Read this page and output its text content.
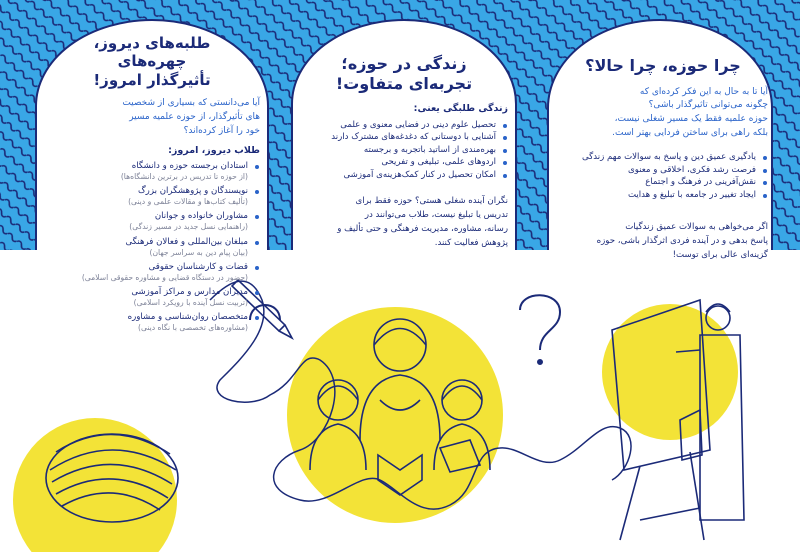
چرا حوزه، چرا حالا؟
آیا تا به حال به این فکر کرده‌ای که
چگونه می‌توانی تاثیرگذار باشی؟
حوزه علمیه فقط یک مسیر شغلی نیست،
بلکه راهی برای ساختن فردایی بهتر است.
یادگیری عمیق دین و پاسخ به سوالات مهم زندگی
فرصت رشد فکری، اخلاقی و معنوی
نقش‌آفرینی در فرهنگ و اجتماع
ایجاد تغییر در جامعه با تبلیغ و هدایت
اگر می‌خواهی به سوالات عمیق زندگیات
پاسخ بدهی و در آینده فردی اثرگذار باشی، حوزه
گزینه‌ای عالی برای توست!
زندگی در حوزه؛
تجربه‌ای متفاوت!
زندگی طلبگی یعنی:
تحصیل علوم دینی در فضایی معنوی و علمی
آشنایی با دوستانی که دغدغه‌های مشترک دارند
بهره‌مندی از اساتید باتجربه و برجسته
اردوهای علمی، تبلیغی و تفریحی
امکان تحصیل در کنار کمک‌هزینه‌ی آموزشی
نگران آینده شغلی هستی؟ حوزه فقط برای
تدریس یا تبلیغ نیست، طلاب می‌توانند در
رسانه، مشاوره، مدیریت فرهنگی و حتی تألیف و
پژوهش فعالیت کنند.
طلبه‌های دیروز،
چهره‌های
تأثیرگذار امروز!
آیا می‌دانستی که بسیاری از شخصیت
های تأثیرگذار، از حوزه علمیه مسیر
خود را آغاز کرده‌اند؟
طلاب دیروز، امروز:
استادان برجسته حوزه و دانشگاه
(از حوزه تا تدریس در برترین دانشگاه‌ها)
نویسندگان و پژوهشگران بزرگ
(تألیف کتاب‌ها و مقالات علمی و دینی)
مشاوران خانواده و جوانان
(راهنمایی نسل جدید در مسیر زندگی)
مبلغان بین‌المللی و فعالان فرهنگی
(بیان پیام دین به سراسر جهان)
قضات و کارشناسان حقوقی
(حضور در دستگاه قضایی و مشاوره حقوقی اسلامی)
مدیران مدارس و مراکز آموزشی
(تربیت نسل آینده با رویکرد اسلامی)
متخصصان روان‌شناسی و مشاوره
(مشاوره‌های تخصصی با نگاه دینی)
